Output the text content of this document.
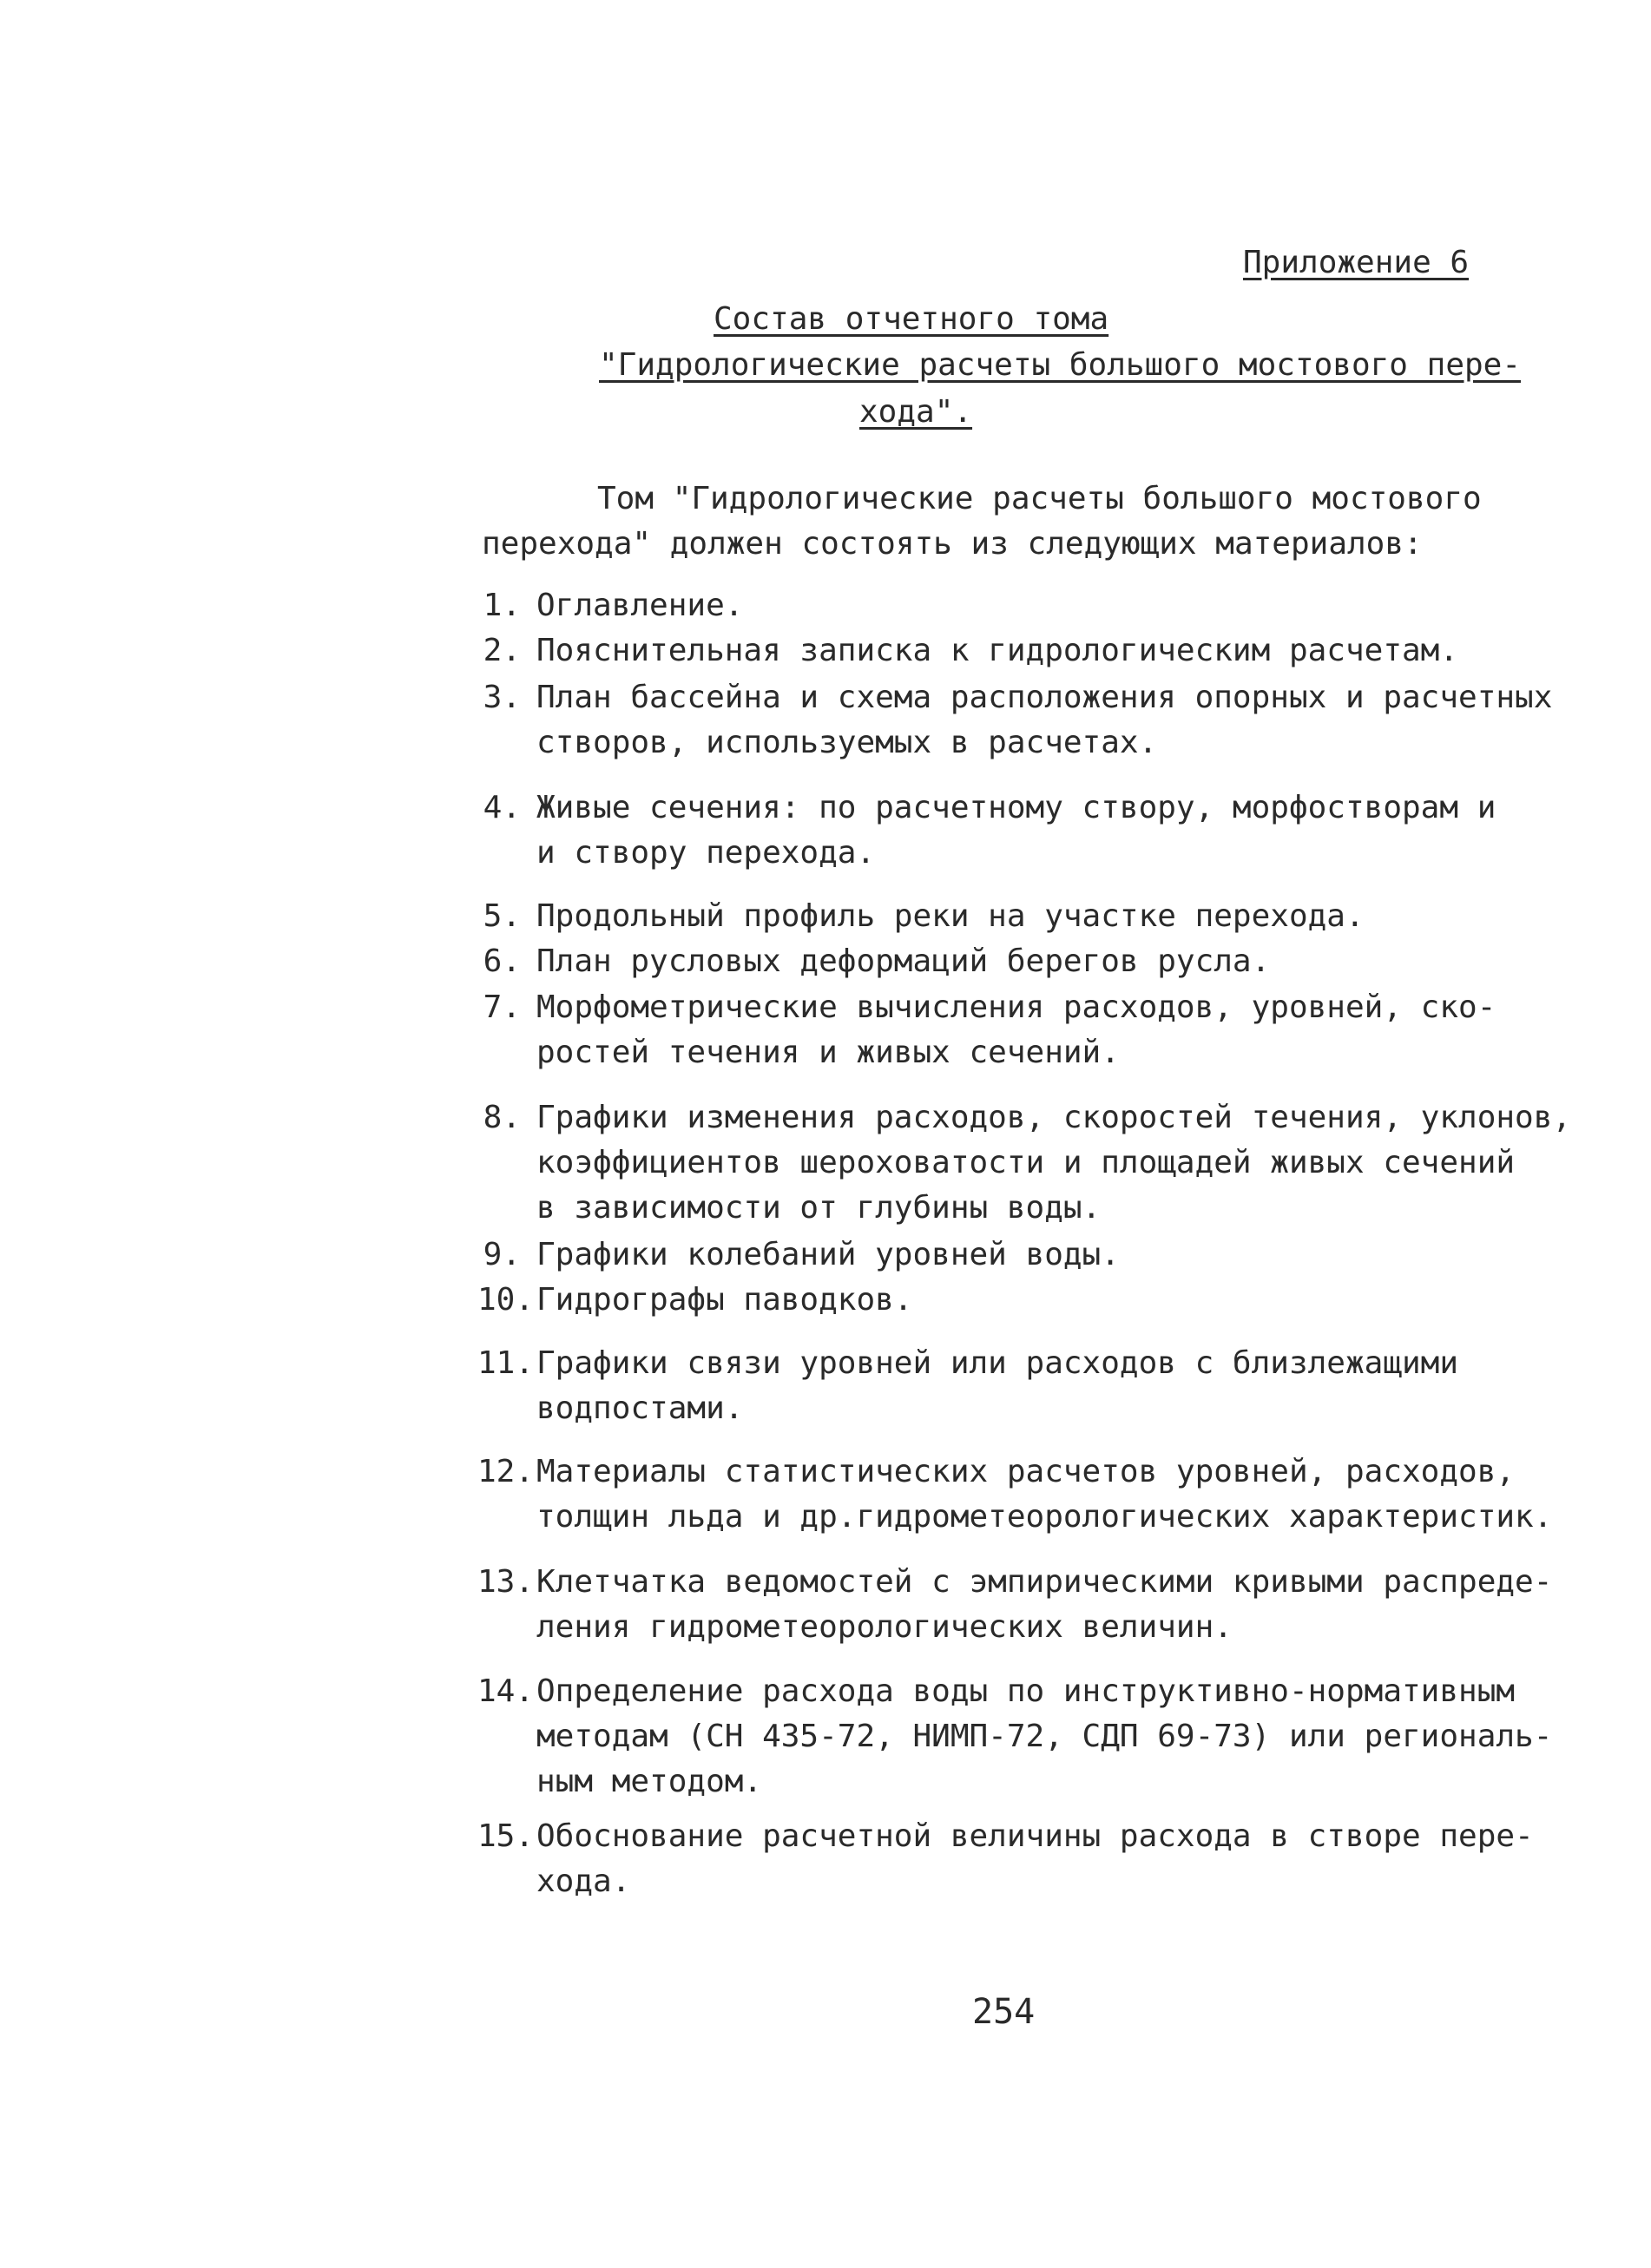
Приложение 6
Состав отчетного тома
"Гидрологические расчеты большого мостового пере-
хода".
Том "Гидрологические расчеты большого мостового
перехода" должен состоять из следующих материалов:
1. Оглавление.
2. Пояснительная записка к гидрологическим расчетам.
3. План бассейна и схема расположения опорных и расчетных
створов, используемых в расчетах.
4. Живые сечения: по расчетному створу, морфостворам и
и створу перехода.
5. Продольный профиль реки на участке перехода.
6. План русловых деформаций берегов русла.
7. Морфометрические вычисления расходов, уровней, ско-
ростей течения и живых сечений.
8. Графики изменения расходов, скоростей течения, уклонов,
коэффициентов шероховатости и площадей живых сечений
в зависимости от глубины воды.
9. Графики колебаний уровней воды.
10. Гидрографы паводков.
11. Графики связи уровней или расходов с близлежащими
водпостами.
12. Материалы статистических расчетов уровней, расходов,
толщин льда и др.гидрометеорологических характеристик.
13. Клетчатка ведомостей с эмпирическими кривыми распреде-
ления гидрометеорологических величин.
14. Определение расхода воды по инструктивно-нормативным
методам (СН 435-72, НИМП-72, СДП 69-73) или региональ-
ным методом.
15. Обоснование расчетной величины расхода в створе пере-
хода.
254
